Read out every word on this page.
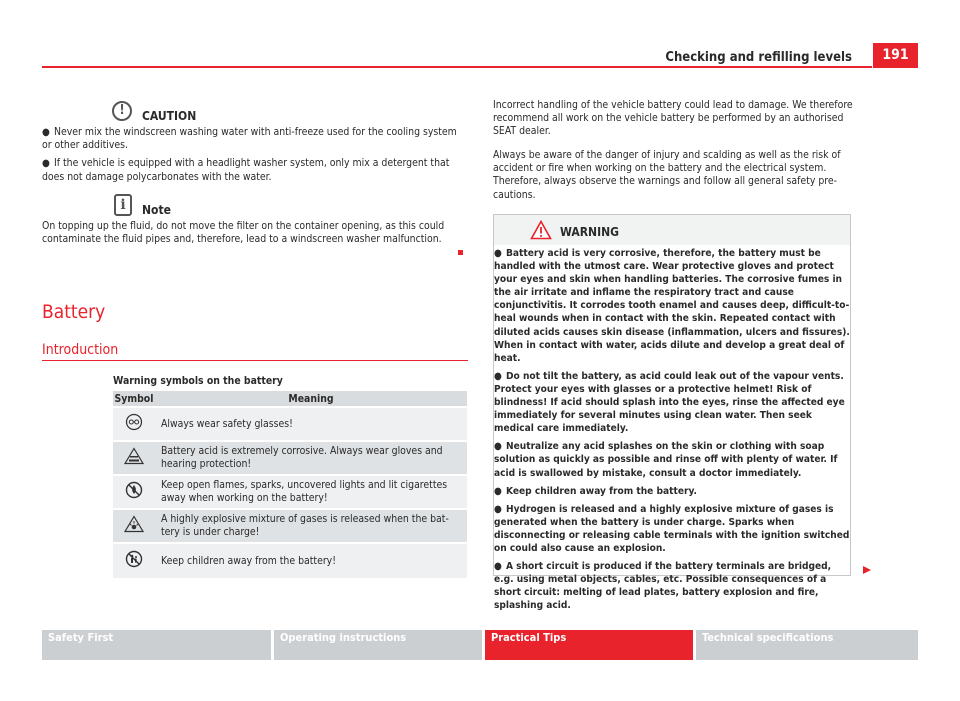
Checking and refilling levels	191
!	CAUTION
● Never mix the windscreen washing water with anti-freeze used for the cooling system or other additives.
● If the vehicle is equipped with a headlight washer system, only mix a detergent that does not damage polycarbonates with the water.
i	Note
On topping up the fluid, do not move the filter on the container opening, as this could contaminate the fluid pipes and, therefore, lead to a windscreen washer malfunction.
Battery
Introduction
Warning symbols on the battery
Symbol	Meaning
	Always wear safety glasses!
	Battery acid is extremely corrosive. Always wear gloves and hearing protection!
	Keep open flames, sparks, uncovered lights and lit cigarettes away when working on the battery!
	A highly explosive mixture of gases is released when the battery is under charge!
	Keep children away from the battery!
Incorrect handling of the vehicle battery could lead to damage. We therefore recommend all work on the vehicle battery be performed by an authorised SEAT dealer.
Always be aware of the danger of injury and scalding as well as the risk of accident or fire when working on the battery and the electrical system. Therefore, always observe the warnings and follow all general safety precautions.
WARNING
● Battery acid is very corrosive, therefore, the battery must be handled with the utmost care. Wear protective gloves and protect your eyes and skin when handling batteries. The corrosive fumes in the air irritate and inflame the respiratory tract and cause conjunctivitis. It corrodes tooth enamel and causes deep, difficult-to-heal wounds when in contact with the skin. Repeated contact with diluted acids causes skin disease (inflammation, ulcers and fissures). When in contact with water, acids dilute and develop a great deal of heat.
● Do not tilt the battery, as acid could leak out of the vapour vents. Protect your eyes with glasses or a protective helmet! Risk of blindness! If acid should splash into the eyes, rinse the affected eye immediately for several minutes using clean water. Then seek medical care immediately.
● Neutralize any acid splashes on the skin or clothing with soap solution as quickly as possible and rinse off with plenty of water. If acid is swallowed by mistake, consult a doctor immediately.
● Keep children away from the battery.
● Hydrogen is released and a highly explosive mixture of gases is generated when the battery is under charge. Sparks when disconnecting or releasing cable terminals with the ignition switched on could also cause an explosion.
● A short circuit is produced if the battery terminals are bridged, e.g. using metal objects, cables, etc. Possible consequences of a short circuit: melting of lead plates, battery explosion and fire, splashing acid.
Safety First	Operating instructions	Practical Tips	Technical specifications
